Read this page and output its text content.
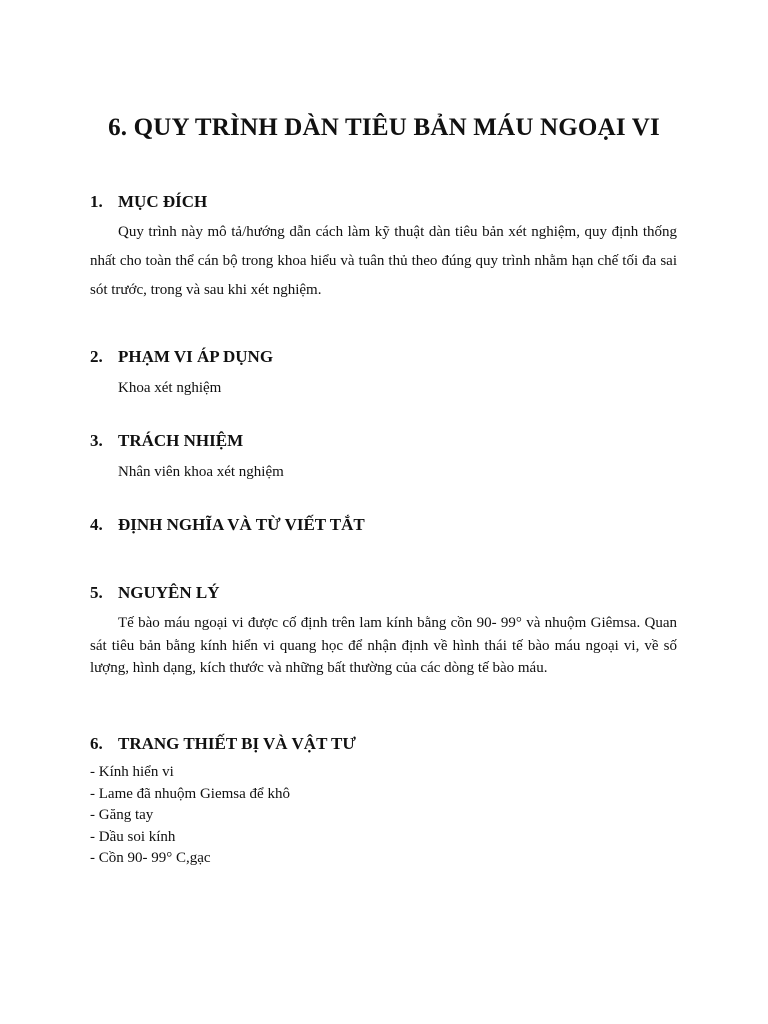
6. QUY TRÌNH DÀN TIÊU BẢN MÁU NGOẠI VI
1. MỤC ĐÍCH

Quy trình này mô tả/hướng dẫn cách làm kỹ thuật dàn tiêu bản xét nghiệm, quy định thống nhất cho toàn thể cán bộ trong khoa hiểu và tuân thủ theo đúng quy trình nhằm hạn chế tối đa sai sót trước, trong và sau khi xét nghiệm.

2. PHẠM VI ÁP DỤNG

Khoa xét nghiệm

3. TRÁCH NHIỆM

Nhân viên khoa xét nghiệm

4. ĐỊNH NGHĨA VÀ TỪ VIẾT TẮT
5. NGUYÊN LÝ

Tế bào máu ngoại vi được cố định trên lam kính bằng cồn 90- 99° và nhuộm Giêmsa. Quan sát tiêu bản bằng kính hiển vi quang học để nhận định về hình thái tế bào máu ngoại vi, về số lượng, hình dạng, kích thước và những bất thường của các dòng tế bào máu.

6. TRANG THIẾT BỊ VÀ VẬT TƯ
- Kính hiển vi
- Lame đã nhuộm Giemsa để khô
- Găng tay
- Dầu soi kính
- Cồn 90- 99° C,gạc
